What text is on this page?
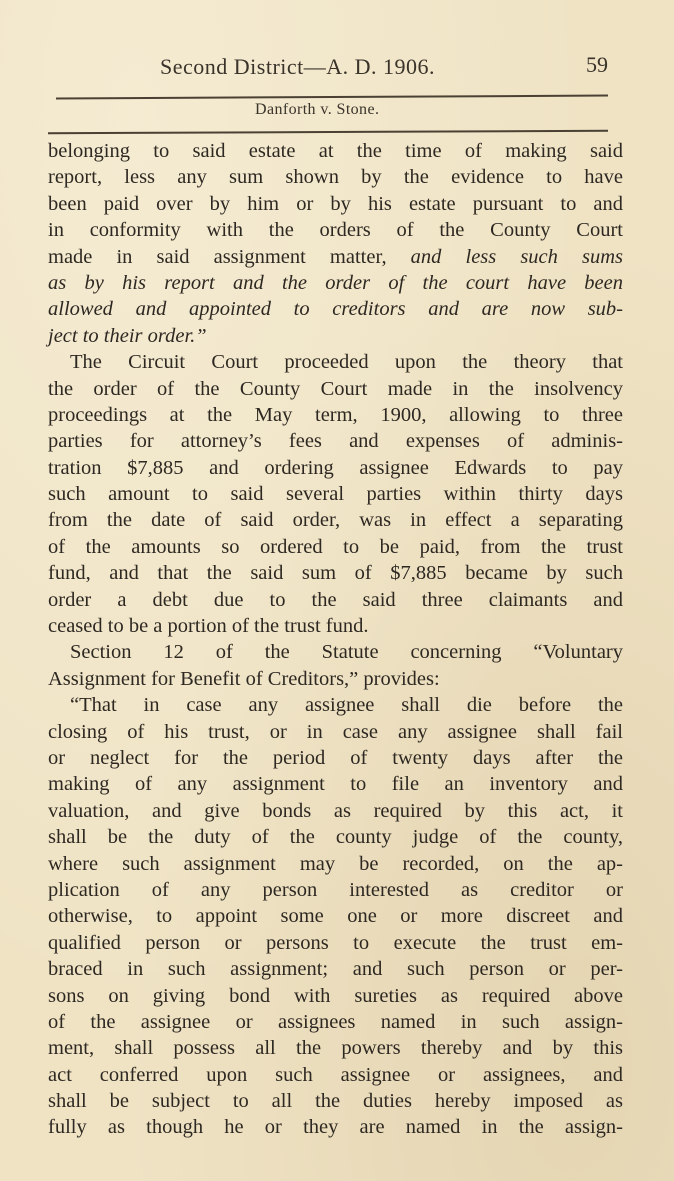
Second District—A. D. 1906.	59
Danforth v. Stone.
belonging to said estate at the time of making said
report, less any sum shown by the evidence to have
been paid over by him or by his estate pursuant to and
in conformity with the orders of the County Court
made in said assignment matter, and less such sums
as by his report and the order of the court have been
allowed and appointed to creditors and are now sub-
ject to their order.”
The Circuit Court proceeded upon the theory that
the order of the County Court made in the insolvency
proceedings at the May term, 1900, allowing to three
parties for attorney’s fees and expenses of adminis-
tration $7,885 and ordering assignee Edwards to pay
such amount to said several parties within thirty days
from the date of said order, was in effect a separating
of the amounts so ordered to be paid, from the trust
fund, and that the said sum of $7,885 became by such
order a debt due to the said three claimants and
ceased to be a portion of the trust fund.
Section 12 of the Statute concerning “Voluntary
Assignment for Benefit of Creditors,” provides:
“That in case any assignee shall die before the
closing of his trust, or in case any assignee shall fail
or neglect for the period of twenty days after the
making of any assignment to file an inventory and
valuation, and give bonds as required by this act, it
shall be the duty of the county judge of the county,
where such assignment may be recorded, on the ap-
plication of any person interested as creditor or
otherwise, to appoint some one or more discreet and
qualified person or persons to execute the trust em-
braced in such assignment; and such person or per-
sons on giving bond with sureties as required above
of the assignee or assignees named in such assign-
ment, shall possess all the powers thereby and by this
act conferred upon such assignee or assignees, and
shall be subject to all the duties hereby imposed as
fully as though he or they are named in the assign-
